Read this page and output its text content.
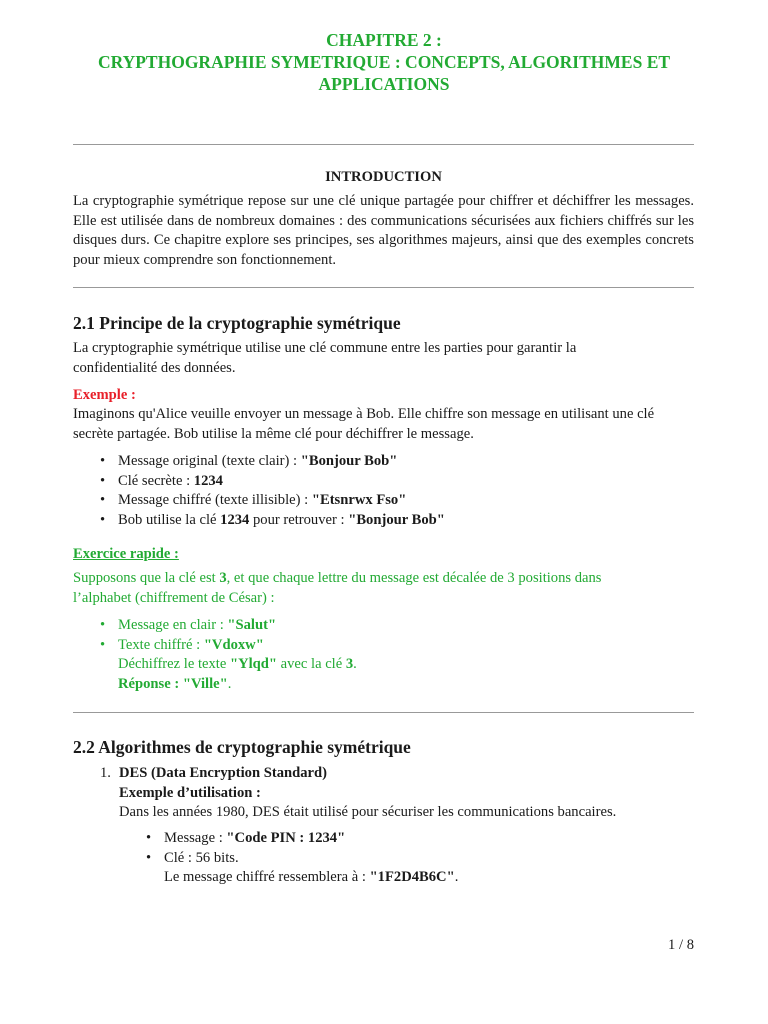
CHAPITRE 2 :
CRYPTHOGRAPHIE SYMETRIQUE : CONCEPTS, ALGORITHMES ET APPLICATIONS
INTRODUCTION
La cryptographie symétrique repose sur une clé unique partagée pour chiffrer et déchiffrer les messages. Elle est utilisée dans de nombreux domaines : des communications sécurisées aux fichiers chiffrés sur les disques durs. Ce chapitre explore ses principes, ses algorithmes majeurs, ainsi que des exemples concrets pour mieux comprendre son fonctionnement.
2.1 Principe de la cryptographie symétrique
La cryptographie symétrique utilise une clé commune entre les parties pour garantir la
confidentialité des données.
Exemple :
Imaginons qu'Alice veuille envoyer un message à Bob. Elle chiffre son message en utilisant une clé
secrète partagée. Bob utilise la même clé pour déchiffrer le message.
• Message original (texte clair) : "Bonjour Bob"
• Clé secrète : 1234
• Message chiffré (texte illisible) : "Etsnrwx Fso"
• Bob utilise la clé 1234 pour retrouver : "Bonjour Bob"
Exercice rapide :
Supposons que la clé est 3, et que chaque lettre du message est décalée de 3 positions dans
l’alphabet (chiffrement de César) :
• Message en clair : "Salut"
• Texte chiffré : "Vdoxw"
Déchiffrez le texte "Ylqd" avec la clé 3.
Réponse : "Ville".
2.2 Algorithmes de cryptographie symétrique
1. DES (Data Encryption Standard)
Exemple d’utilisation :
Dans les années 1980, DES était utilisé pour sécuriser les communications bancaires.
• Message : "Code PIN : 1234"
• Clé : 56 bits.
Le message chiffré ressemblera à : "1F2D4B6C".
1 / 8
